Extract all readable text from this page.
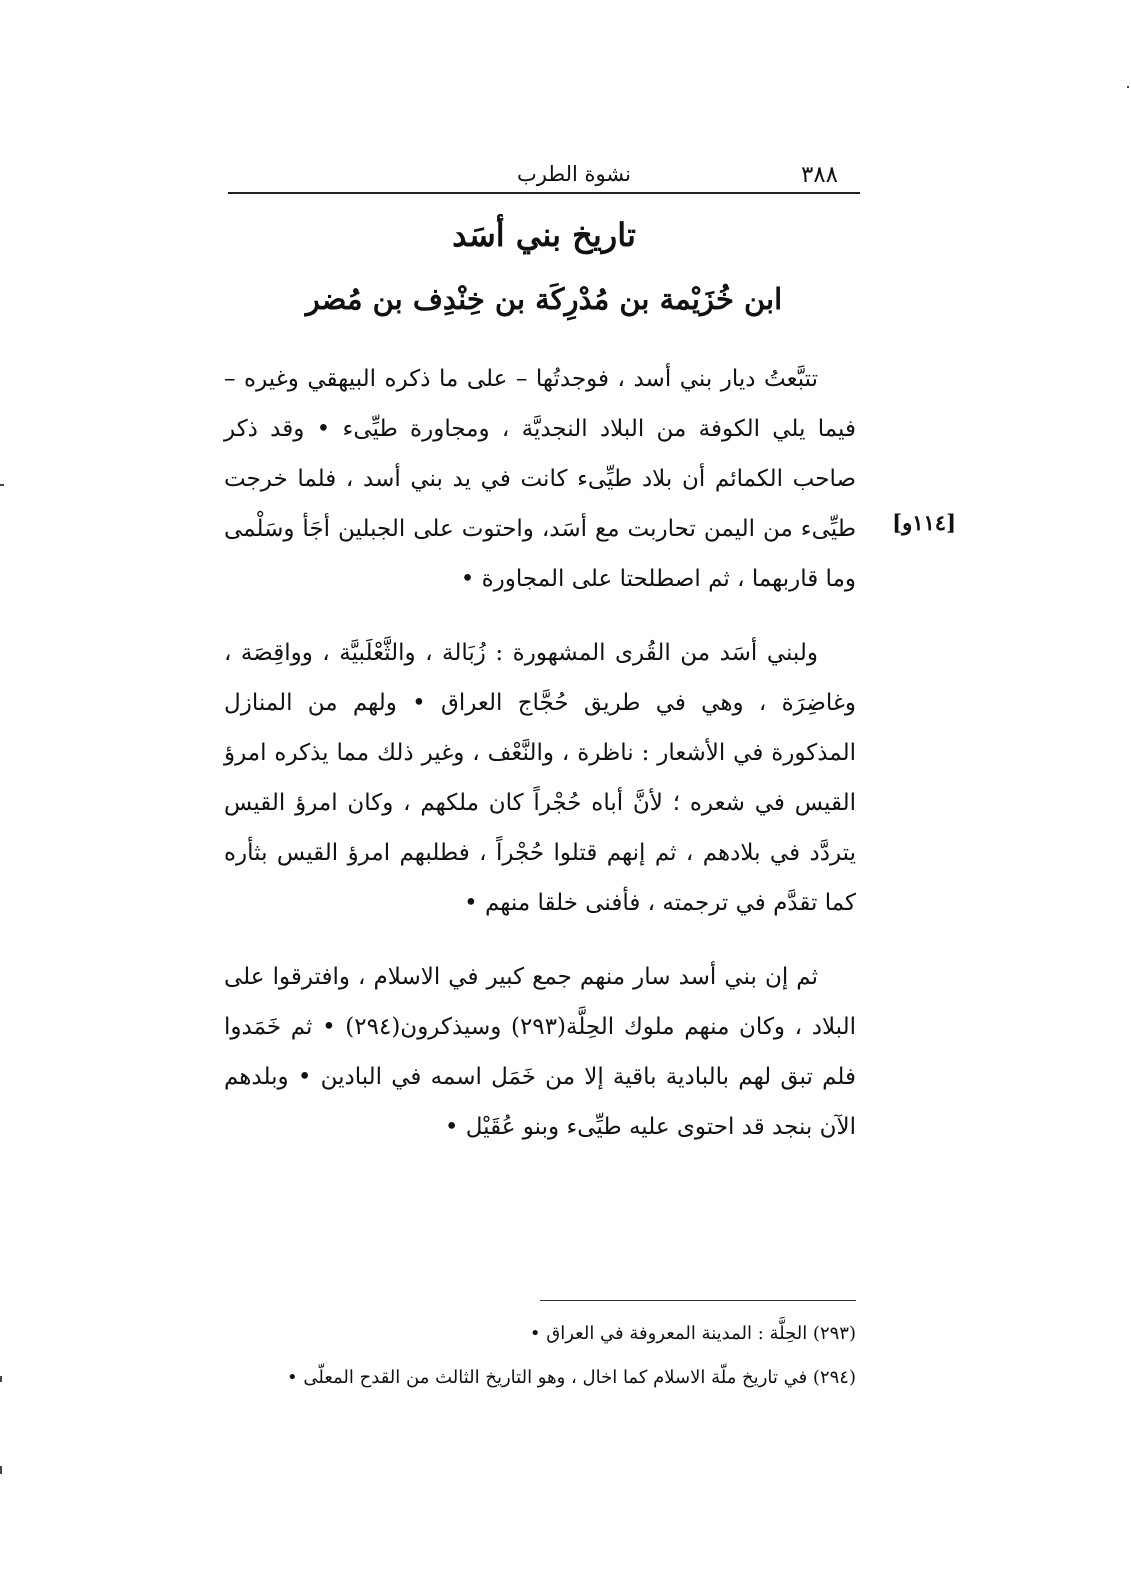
٣٨٨
نشوة الطرب
تاريخ بني أسَد
ابن خُزَيْمة بن مُدْرِكَة بن خِنْدِف بن مُضر

تتبَّعتُ ديار بني أسد ، فوجدتُها – على ما ذكره البيهقي وغيره – فيما يلي الكوفة من البلاد النجديَّة ، ومجاورة طيِّىء • وقد ذكر صاحب الكمائم أن بلاد طيِّىء كانت في يد بني أسد ، فلما خرجت طيِّىء من اليمن تحاربت مع أسَد، واحتوت على الجبلين أجَأ وسَلْمى وما قاربهما ، ثم اصطلحتا على المجاورة •

ولبني أسَد من القُرى المشهورة : زُبَالة ، والثَّعْلَبيَّة ، وواقِصَة ، وغاضِرَة ، وهي في طريق حُجَّاج العراق • ولهم من المنازل المذكورة في الأشعار : ناظرة ، والنَّعْف ، وغير ذلك مما يذكره امرؤ القيس في شعره ؛ لأنَّ أباه حُجْراً كان ملكهم ، وكان امرؤ القيس يتردَّد في بلادهم ، ثم إنهم قتلوا حُجْراً ، فطلبهم امرؤ القيس بثأره كما تقدَّم في ترجمته ، فأفنى خلقا منهم •

ثم إن بني أسد سار منهم جمع كبير في الاسلام ، وافترقوا على البلاد ، وكان منهم ملوك الحِلَّة(٢٩٣) وسيذكرون(٢٩٤) • ثم خَمَدوا فلم تبق لهم بالبادية باقية إلا من خَمَل اسمه في البادين • وبلدهم الآن بنجد قد احتوى عليه طيِّىء وبنو عُقَيْل •

[١١٤و]

(٢٩٣) الحِلَّة : المدينة المعروفة في العراق •

(٢٩٤) في تاريخ ملّة الاسلام كما اخال ، وهو التاريخ الثالث من القدح المعلّى •
